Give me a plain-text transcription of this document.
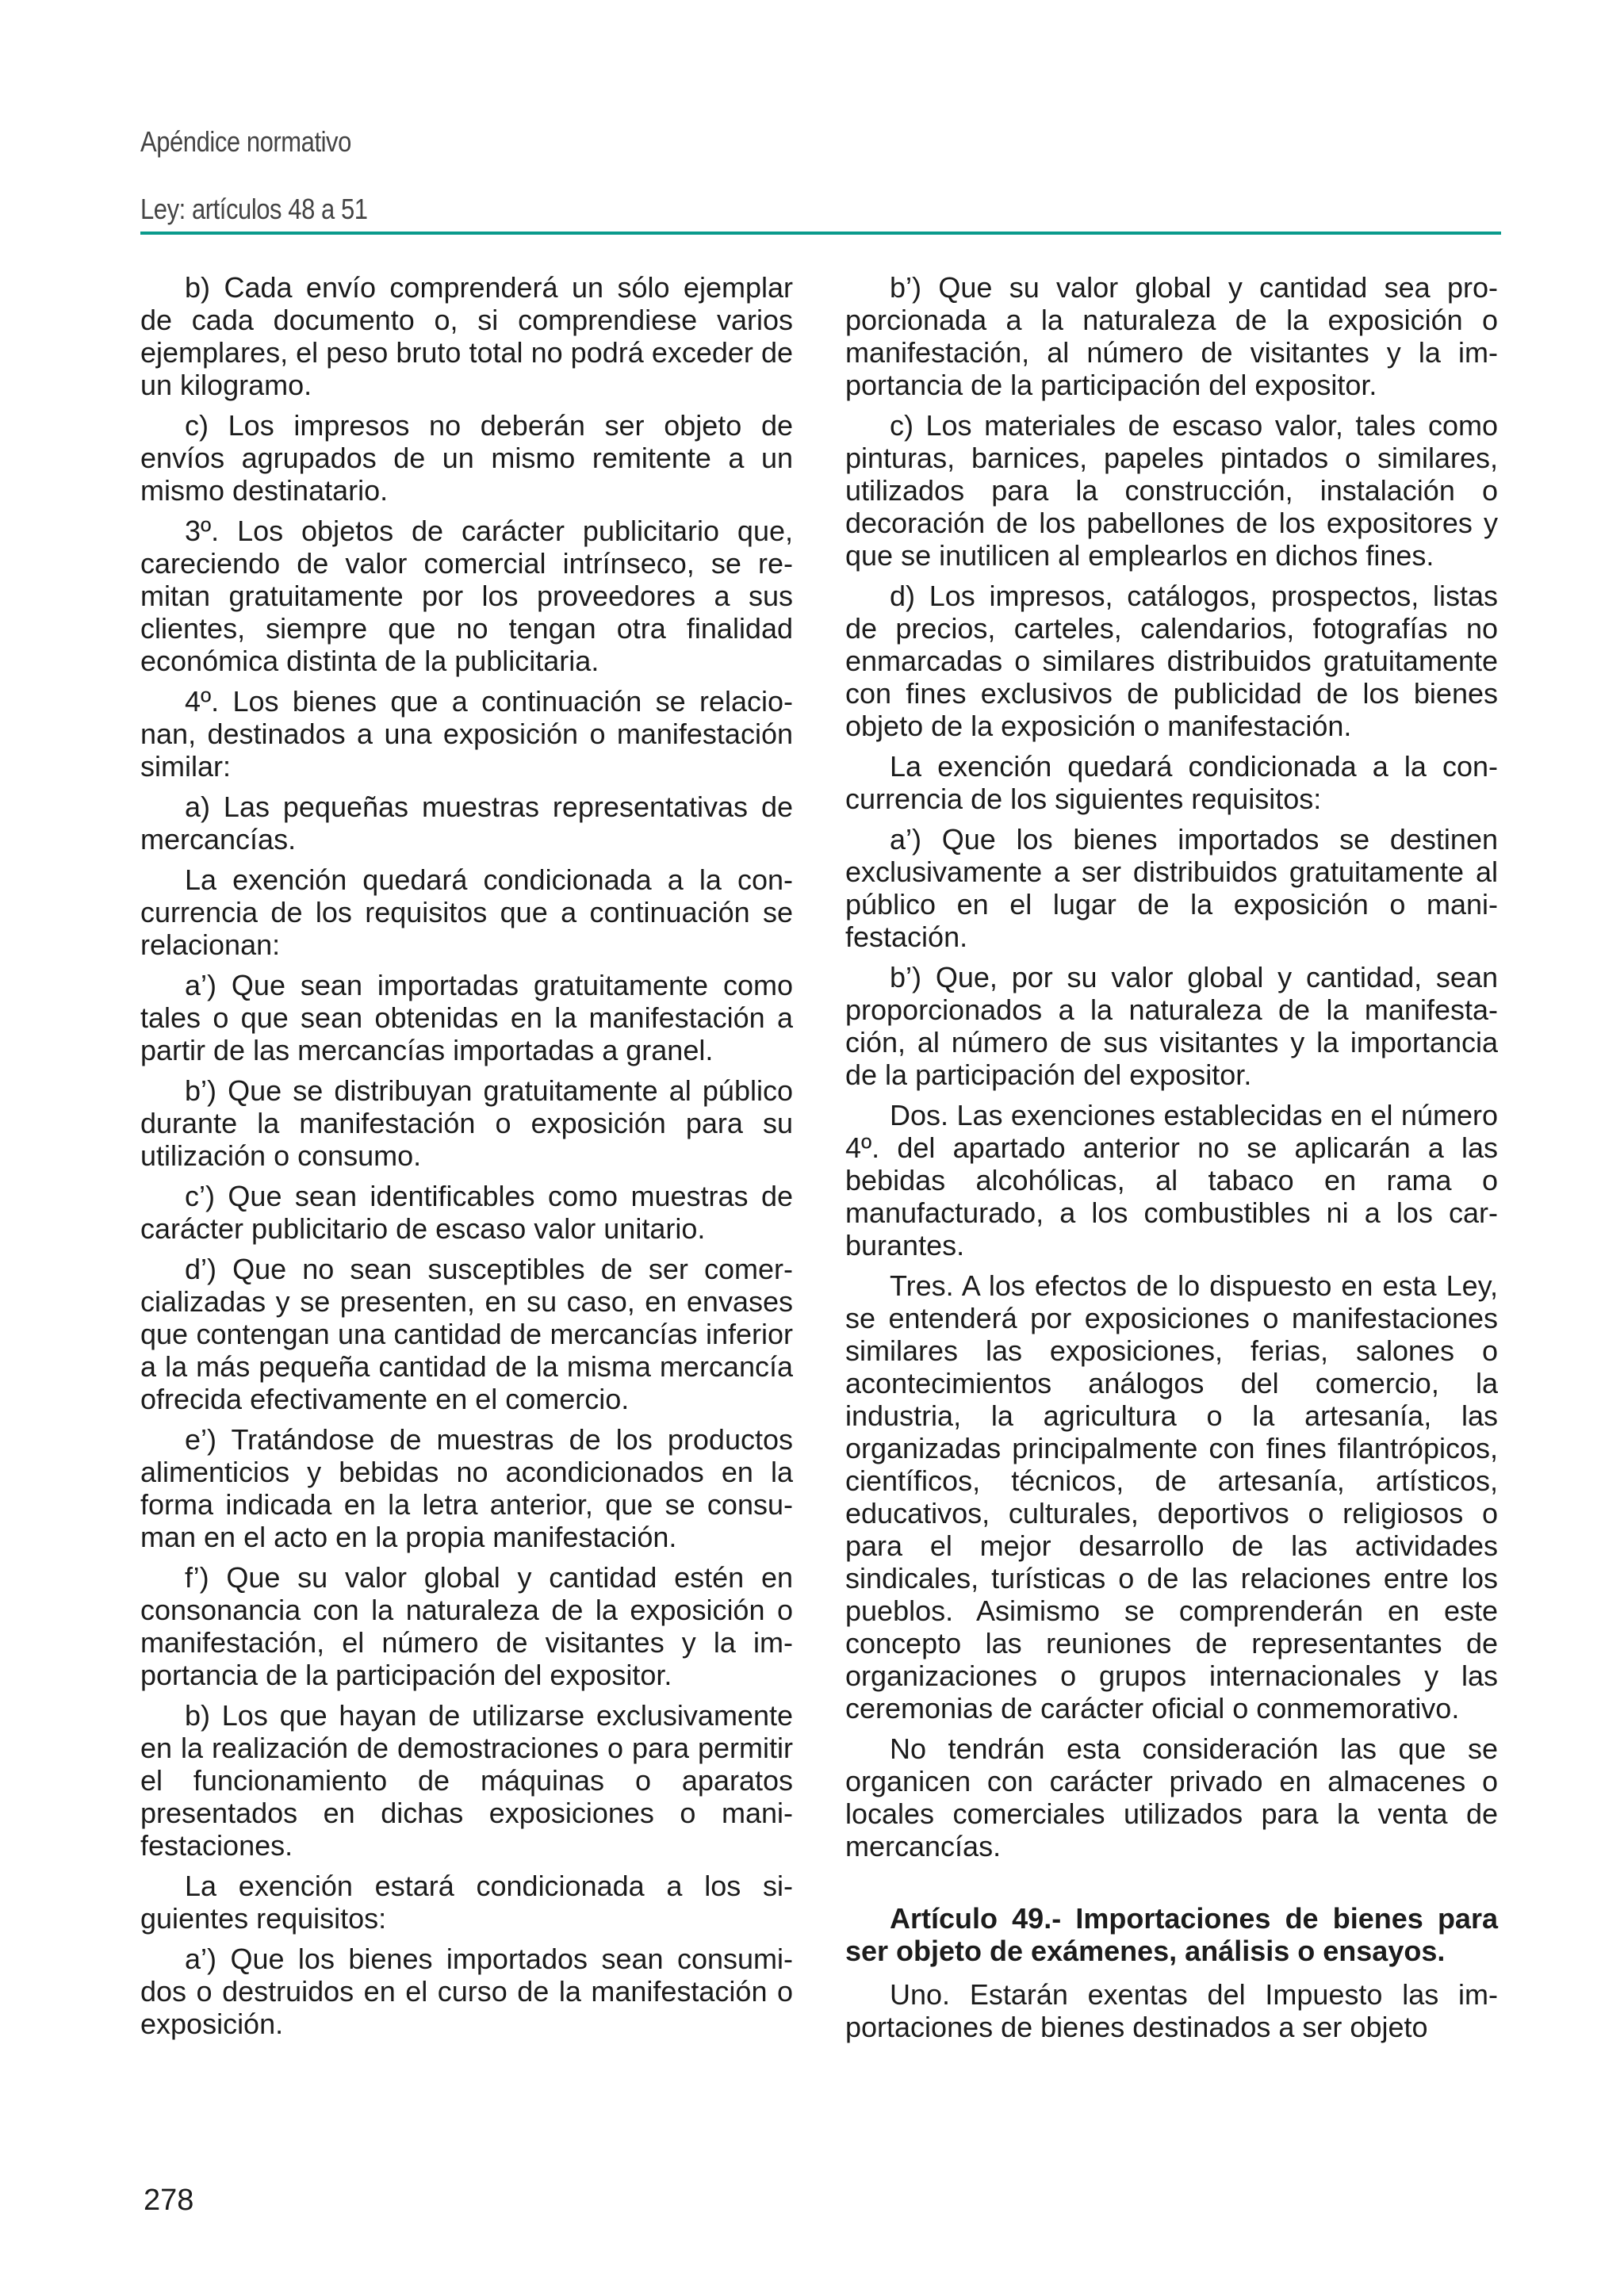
Apéndice normativo
Ley: artículos 48 a 51

b) Cada envío comprenderá un sólo ejemplar de cada documento o, si comprendiese varios ejemplares, el peso bruto total no podrá exceder de un kilogramo.

c) Los impresos no deberán ser objeto de envíos agrupados de un mismo remitente a un mismo destinatario.

3º. Los objetos de carácter publicitario que, careciendo de valor comercial intrínseco, se remitan gratuitamente por los proveedores a sus clientes, siempre que no tengan otra finalidad económica distinta de la publicitaria.

4º. Los bienes que a continuación se relacionan, destinados a una exposición o manifestación similar:

a) Las pequeñas muestras representativas de mercancías.

La exención quedará condicionada a la concurrencia de los requisitos que a continuación se relacionan:

a’) Que sean importadas gratuitamente como tales o que sean obtenidas en la manifestación a partir de las mercancías importadas a granel.

b’) Que se distribuyan gratuitamente al público durante la manifestación o exposición para su utilización o consumo.

c’) Que sean identificables como muestras de carácter publicitario de escaso valor unitario.

d’) Que no sean susceptibles de ser comercializadas y se presenten, en su caso, en envases que contengan una cantidad de mercancías inferior a la más pequeña cantidad de la misma mercancía ofrecida efectivamente en el comercio.

e’) Tratándose de muestras de los productos alimenticios y bebidas no acondicionados en la forma indicada en la letra anterior, que se consuman en el acto en la propia manifestación.

f’) Que su valor global y cantidad estén en consonancia con la naturaleza de la exposición o manifestación, el número de visitantes y la importancia de la participación del expositor.

b) Los que hayan de utilizarse exclusivamente en la realización de demostraciones o para permitir el funcionamiento de máquinas o aparatos presentados en dichas exposiciones o manifestaciones.

La exención estará condicionada a los siguientes requisitos:

a’) Que los bienes importados sean consumidos o destruidos en el curso de la manifestación o exposición.

b’) Que su valor global y cantidad sea proporcionada a la naturaleza de la exposición o manifestación, al número de visitantes y la importancia de la participación del expositor.

c) Los materiales de escaso valor, tales como pinturas, barnices, papeles pintados o similares, utilizados para la construcción, instalación o decoración de los pabellones de los expositores y que se inutilicen al emplearlos en dichos fines.

d) Los impresos, catálogos, prospectos, listas de precios, carteles, calendarios, fotografías no enmarcadas o similares distribuidos gratuitamente con fines exclusivos de publicidad de los bienes objeto de la exposición o manifestación.

La exención quedará condicionada a la concurrencia de los siguientes requisitos:

a’) Que los bienes importados se destinen exclusivamente a ser distribuidos gratuitamente al público en el lugar de la exposición o manifestación.

b’) Que, por su valor global y cantidad, sean proporcionados a la naturaleza de la manifestación, al número de sus visitantes y la importancia de la participación del expositor.

Dos. Las exenciones establecidas en el número 4º. del apartado anterior no se aplicarán a las bebidas alcohólicas, al tabaco en rama o manufacturado, a los combustibles ni a los carburantes.

Tres. A los efectos de lo dispuesto en esta Ley, se entenderá por exposiciones o manifestaciones similares las exposiciones, ferias, salones o acontecimientos análogos del comercio, la industria, la agricultura o la artesanía, las organizadas principalmente con fines filantrópicos, científicos, técnicos, de artesanía, artísticos, educativos, culturales, deportivos o religiosos o para el mejor desarrollo de las actividades sindicales, turísticas o de las relaciones entre los pueblos. Asimismo se comprenderán en este concepto las reuniones de representantes de organizaciones o grupos internacionales y las ceremonias de carácter oficial o conmemorativo.

No tendrán esta consideración las que se organicen con carácter privado en almacenes o locales comerciales utilizados para la venta de mercancías.

Artículo 49.- Importaciones de bienes para ser objeto de exámenes, análisis o ensayos.

Uno. Estarán exentas del Impuesto las importaciones de bienes destinados a ser objeto

278
